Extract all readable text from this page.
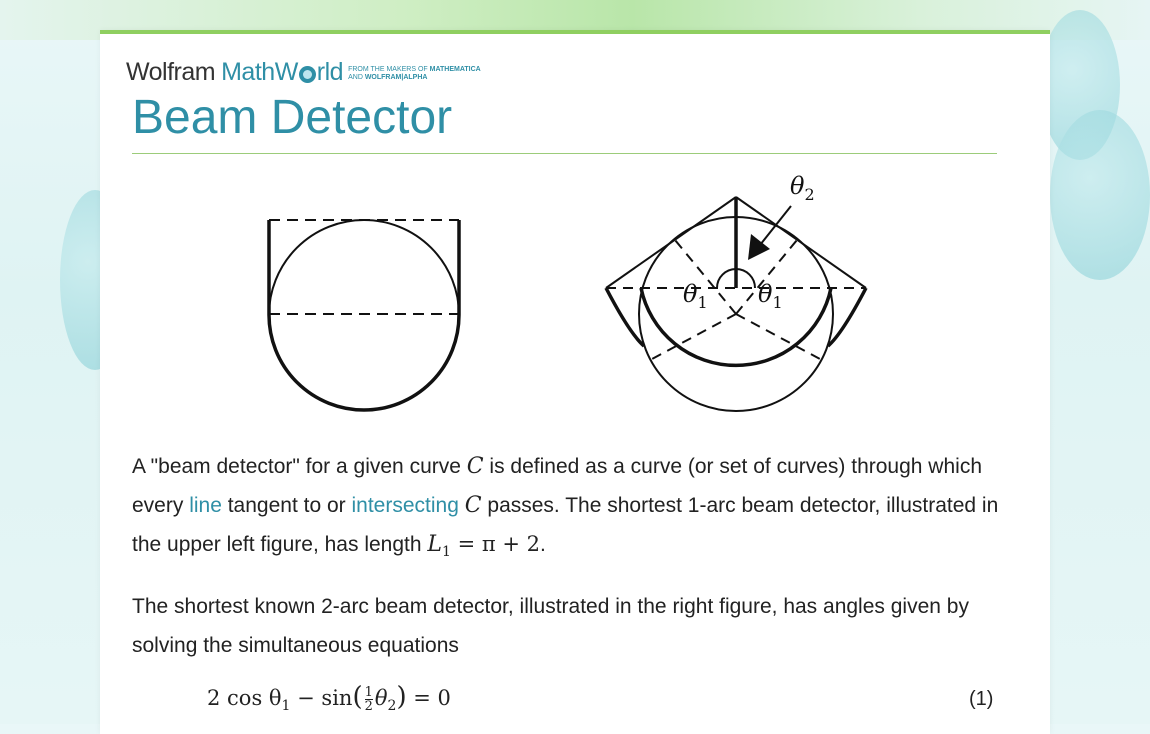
Wolfram MathW rld FROM THE MAKERS OF MATHEMATICA
AND WOLFRAM|ALPHA
Beam Detector
$\theta_2$
$\theta_1$ $\theta_1$

A "beam detector" for a given curve C is defined as a curve (or set of curves) through which every line tangent to or intersecting C passes. The shortest 1-arc beam detector, illustrated in the upper left figure, has length $L_1 = \pi + 2$.

The shortest known 2-arc beam detector, illustrated in the right figure, has angles given by solving the simultaneous equations

2 $\cos \theta_1 - \sin( \frac{1}{2} \theta_2) = 0$	(1)
